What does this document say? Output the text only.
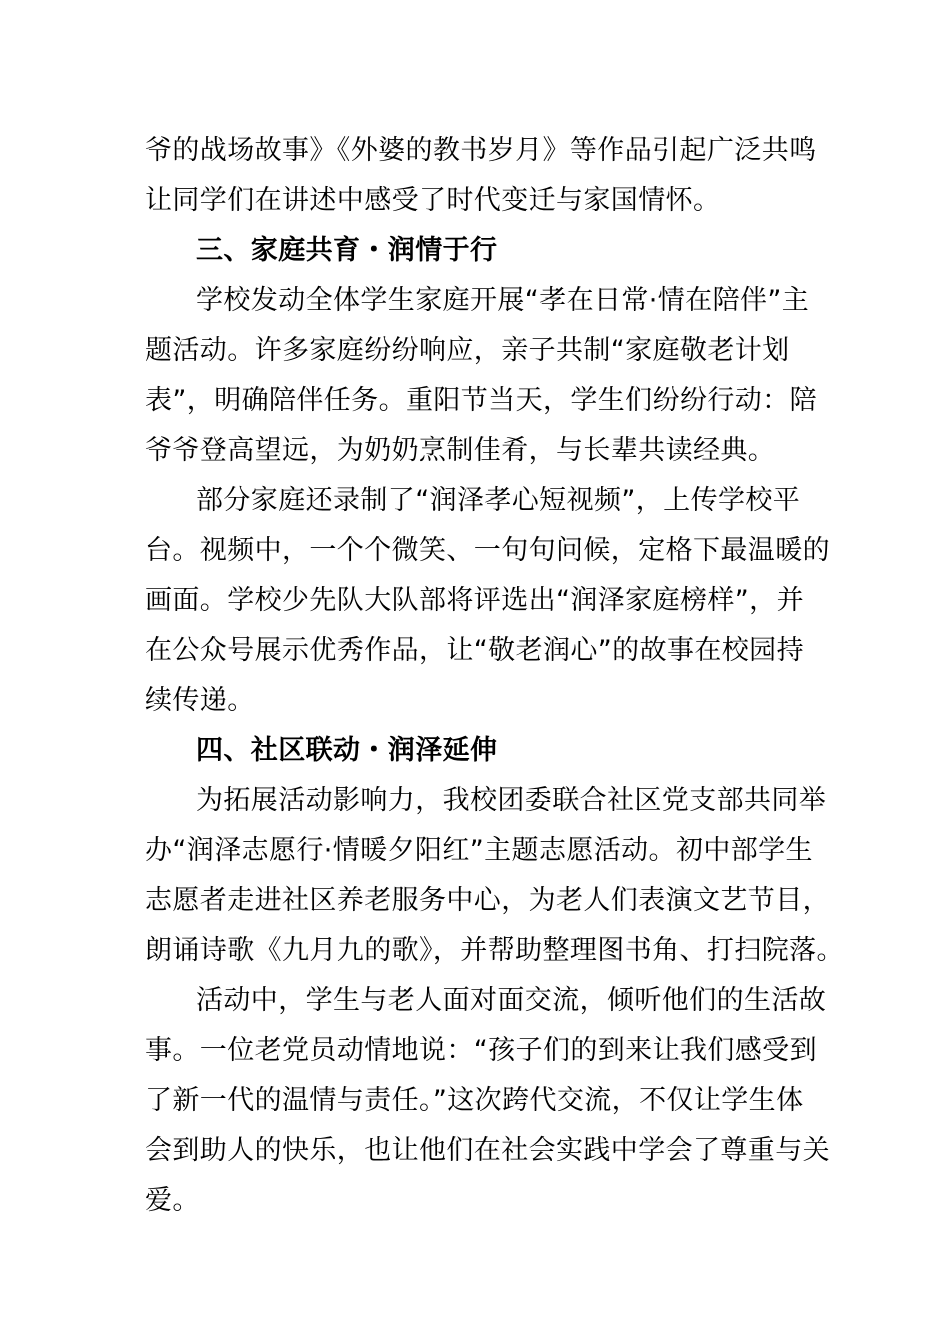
爷的战场故事》《外婆的教书岁月》等作品引起广泛共鸣
让同学们在讲述中感受了时代变迁与家国情怀。
三、家庭共育・润情于行
学校发动全体学生家庭开展“孝在日常·情在陪伴”主
题活动。许多家庭纷纷响应，亲子共制“家庭敬老计划
表”，明确陪伴任务。重阳节当天，学生们纷纷行动：陪
爷爷登高望远，为奶奶烹制佳肴，与长辈共读经典。
部分家庭还录制了“润泽孝心短视频”，上传学校平
台。视频中，一个个微笑、一句句问候，定格下最温暖的
画面。学校少先队大队部将评选出“润泽家庭榜样”，并
在公众号展示优秀作品，让“敬老润心”的故事在校园持
续传递。
四、社区联动・润泽延伸
为拓展活动影响力，我校团委联合社区党支部共同举
办“润泽志愿行·情暖夕阳红”主题志愿活动。初中部学生
志愿者走进社区养老服务中心，为老人们表演文艺节目，
朗诵诗歌《九月九的歌》，并帮助整理图书角、打扫院落。
活动中，学生与老人面对面交流，倾听他们的生活故
事。一位老党员动情地说：“孩子们的到来让我们感受到
了新一代的温情与责任。”这次跨代交流，不仅让学生体
会到助人的快乐，也让他们在社会实践中学会了尊重与关
爱。
